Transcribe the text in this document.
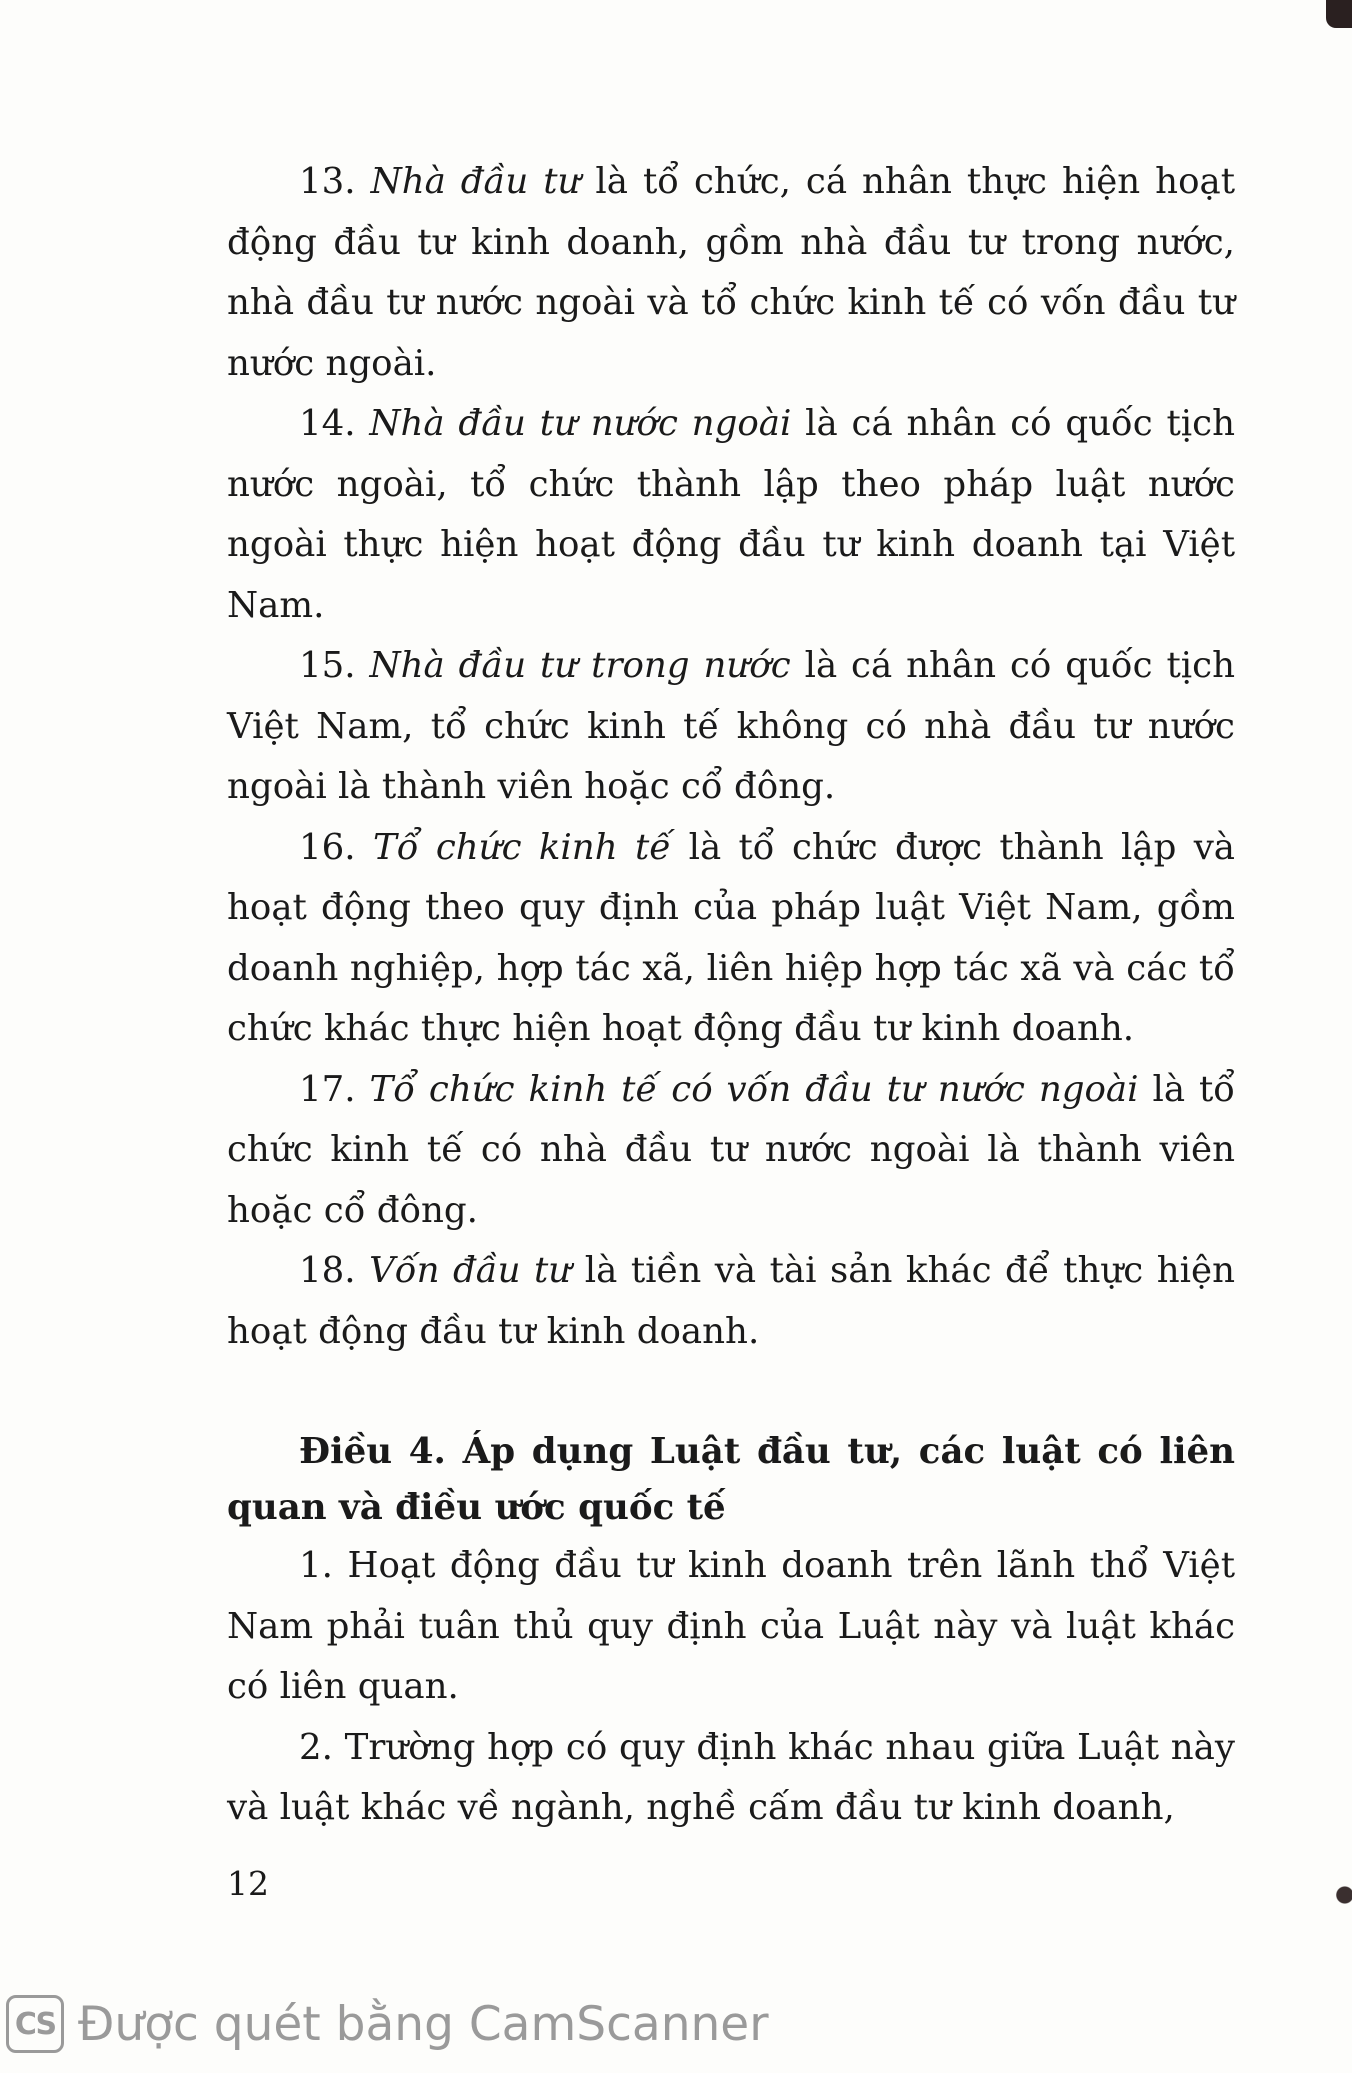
13. Nhà đầu tư là tổ chức, cá nhân thực hiện hoạt động đầu tư kinh doanh, gồm nhà đầu tư trong nước, nhà đầu tư nước ngoài và tổ chức kinh tế có vốn đầu tư nước ngoài.

14. Nhà đầu tư nước ngoài là cá nhân có quốc tịch nước ngoài, tổ chức thành lập theo pháp luật nước ngoài thực hiện hoạt động đầu tư kinh doanh tại Việt Nam.

15. Nhà đầu tư trong nước là cá nhân có quốc tịch Việt Nam, tổ chức kinh tế không có nhà đầu tư nước ngoài là thành viên hoặc cổ đông.

16. Tổ chức kinh tế là tổ chức được thành lập và hoạt động theo quy định của pháp luật Việt Nam, gồm doanh nghiệp, hợp tác xã, liên hiệp hợp tác xã và các tổ chức khác thực hiện hoạt động đầu tư kinh doanh.

17. Tổ chức kinh tế có vốn đầu tư nước ngoài là tổ chức kinh tế có nhà đầu tư nước ngoài là thành viên hoặc cổ đông.

18. Vốn đầu tư là tiền và tài sản khác để thực hiện hoạt động đầu tư kinh doanh.

Điều 4. Áp dụng Luật đầu tư, các luật có liên quan và điều ước quốc tế

1. Hoạt động đầu tư kinh doanh trên lãnh thổ Việt Nam phải tuân thủ quy định của Luật này và luật khác có liên quan.

2. Trường hợp có quy định khác nhau giữa Luật này và luật khác về ngành, nghề cấm đầu tư kinh doanh,

12
CS Được quét bằng CamScanner
